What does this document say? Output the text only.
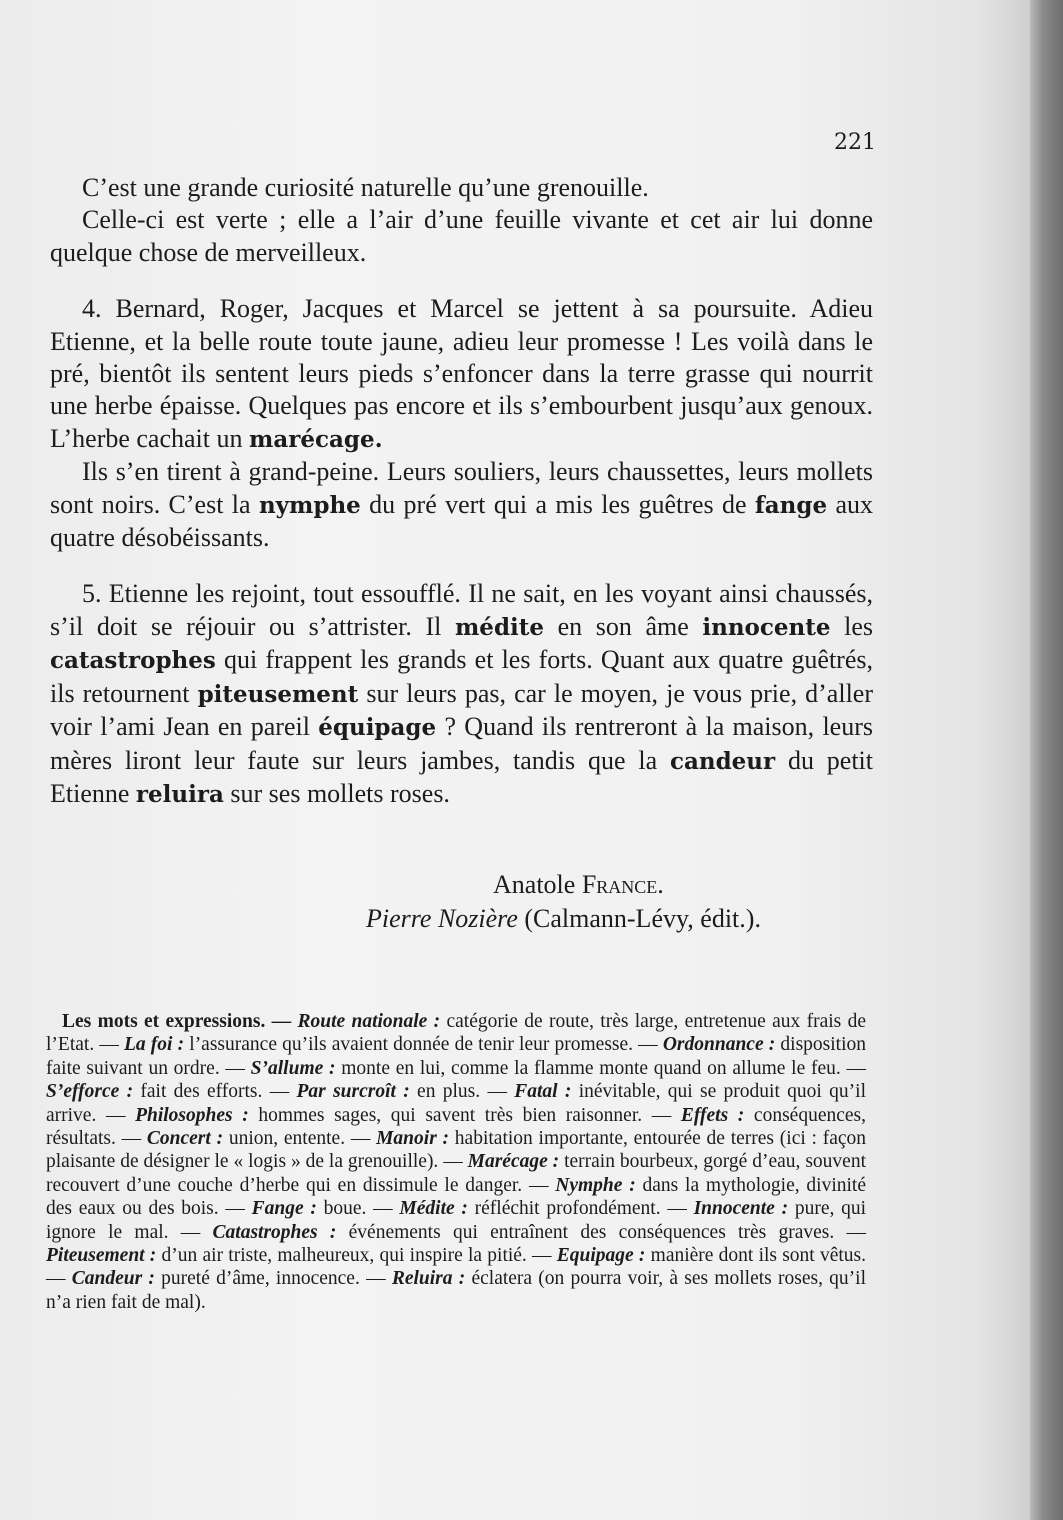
221

C’est une grande curiosité naturelle qu’une grenouille.

Celle-ci est verte ; elle a l’air d’une feuille vivante et cet air lui donne quelque chose de merveilleux.

4. Bernard, Roger, Jacques et Marcel se jettent à sa poursuite. Adieu Etienne, et la belle route toute jaune, adieu leur promesse ! Les voilà dans le pré, bientôt ils sentent leurs pieds s’enfoncer dans la terre grasse qui nourrit une herbe épaisse. Quelques pas encore et ils s’embourbent jusqu’aux genoux. L’herbe cachait un marécage.

Ils s’en tirent à grand-peine. Leurs souliers, leurs chaussettes, leurs mollets sont noirs. C’est la nymphe du pré vert qui a mis les guêtres de fange aux quatre désobéissants.

5. Etienne les rejoint, tout essoufflé. Il ne sait, en les voyant ainsi chaussés, s’il doit se réjouir ou s’attrister. Il médite en son âme innocente les catastrophes qui frappent les grands et les forts. Quant aux quatre guêtrés, ils retournent piteusement sur leurs pas, car le moyen, je vous prie, d’aller voir l’ami Jean en pareil équipage ? Quand ils rentreront à la maison, leurs mères liront leur faute sur leurs jambes, tandis que la candeur du petit Etienne reluira sur ses mollets roses.

Anatole France.
Pierre Nozière (Calmann-Lévy, édit.).

Les mots et expressions. — Route nationale : catégorie de route, très large, entretenue aux frais de l’Etat. — La foi : l’assurance qu’ils avaient donnée de tenir leur promesse. — Ordonnance : disposition faite suivant un ordre. — S’allume : monte en lui, comme la flamme monte quand on allume le feu. — S’efforce : fait des efforts. — Par surcroît : en plus. — Fatal : inévitable, qui se produit quoi qu’il arrive. — Philosophes : hommes sages, qui savent très bien raisonner. — Effets : conséquences, résultats. — Concert : union, entente. — Manoir : habitation importante, entourée de terres (ici : façon plaisante de désigner le « logis » de la grenouille). — Marécage : terrain bourbeux, gorgé d’eau, souvent recouvert d’une couche d’herbe qui en dissimule le danger. — Nymphe : dans la mythologie, divinité des eaux ou des bois. — Fange : boue. — Médite : réfléchit profondément. — Innocente : pure, qui ignore le mal. — Catastrophes : événements qui entraînent des conséquences très graves. — Piteusement : d’un air triste, malheureux, qui inspire la pitié. — Equipage : manière dont ils sont vêtus. — Candeur : pureté d’âme, innocence. — Reluira : éclatera (on pourra voir, à ses mollets roses, qu’il n’a rien fait de mal).
